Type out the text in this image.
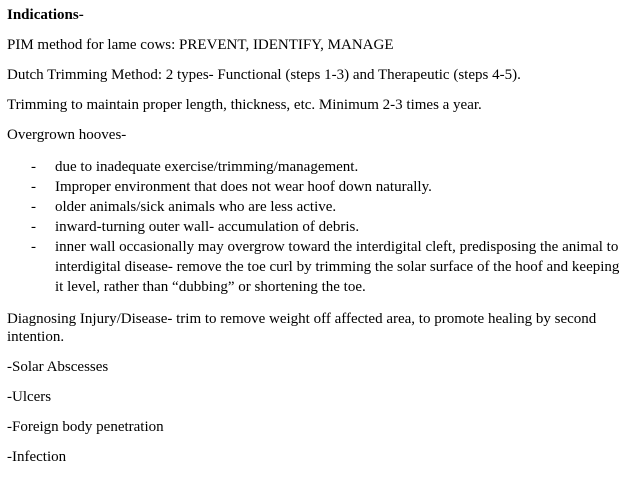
Indications-

PIM method for lame cows: PREVENT, IDENTIFY, MANAGE

Dutch Trimming Method: 2 types- Functional (steps 1-3) and Therapeutic (steps 4-5).

Trimming to maintain proper length, thickness, etc. Minimum 2-3 times a year.

Overgrown hooves-

- due to inadequate exercise/trimming/management.
- Improper environment that does not wear hoof down naturally.
- older animals/sick animals who are less active.
- inward-turning outer wall- accumulation of debris.
- inner wall occasionally may overgrow toward the interdigital cleft, predisposing the animal to interdigital disease- remove the toe curl by trimming the solar surface of the hoof and keeping it level, rather than “dubbing” or shortening the toe.

Diagnosing Injury/Disease- trim to remove weight off affected area, to promote healing by second intention.

-Solar Abscesses

-Ulcers

-Foreign body penetration

-Infection
